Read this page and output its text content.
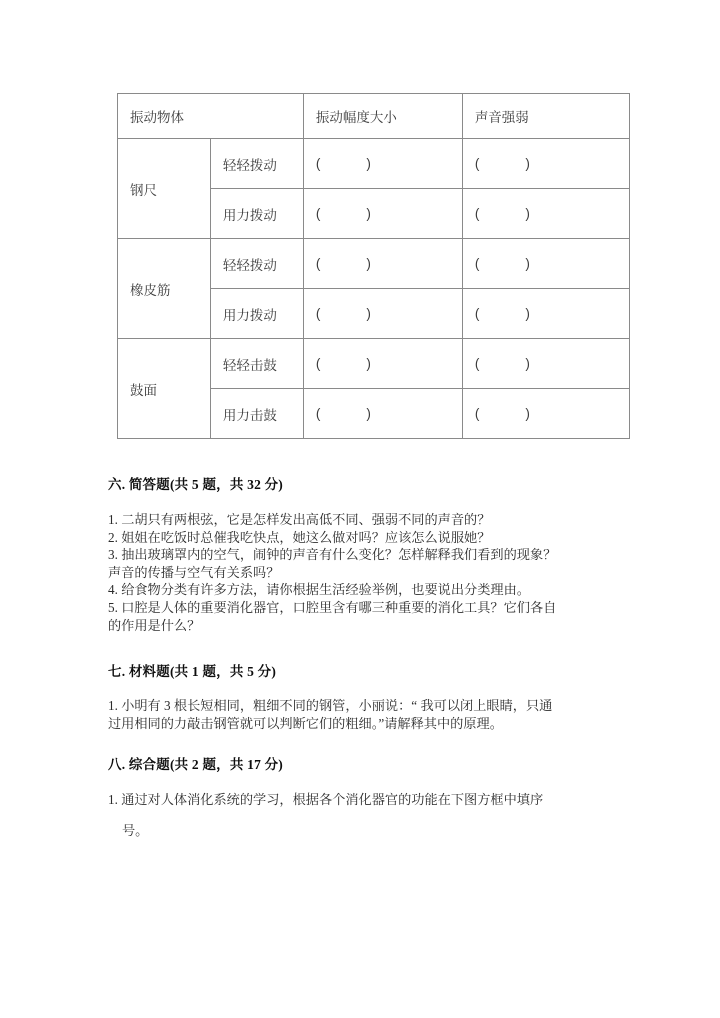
振动物体		振动幅度大小	声音强弱
钢尺	轻轻拨动	( )	( )
	用力拨动	( )	( )
橡皮筋	轻轻拨动	( )	( )
	用力拨动	( )	( )
鼓面	轻轻击鼓	( )	( )
	用力击鼓	( )	( )
六. 简答题(共 5 题，共 32 分)
1. 二胡只有两根弦，它是怎样发出高低不同、强弱不同的声音的？
2. 姐姐在吃饭时总催我吃快点，她这么做对吗？应该怎么说服她？
3. 抽出玻璃罩内的空气，闹钟的声音有什么变化？怎样解释我们看到的现象？
声音的传播与空气有关系吗？
4. 给食物分类有许多方法，请你根据生活经验举例，也要说出分类理由。
5. 口腔是人体的重要消化器官，口腔里含有哪三种重要的消化工具？它们各自
的作用是什么？
七. 材料题(共 1 题，共 5 分)
1. 小明有 3 根长短相同，粗细不同的钢管，小丽说：“ 我可以闭上眼睛，只通
过用相同的力敲击钢管就可以判断它们的粗细。”请解释其中的原理。
八. 综合题(共 2 题，共 17 分)
1. 通过对人体消化系统的学习，根据各个消化器官的功能在下图方框中填序
号。
